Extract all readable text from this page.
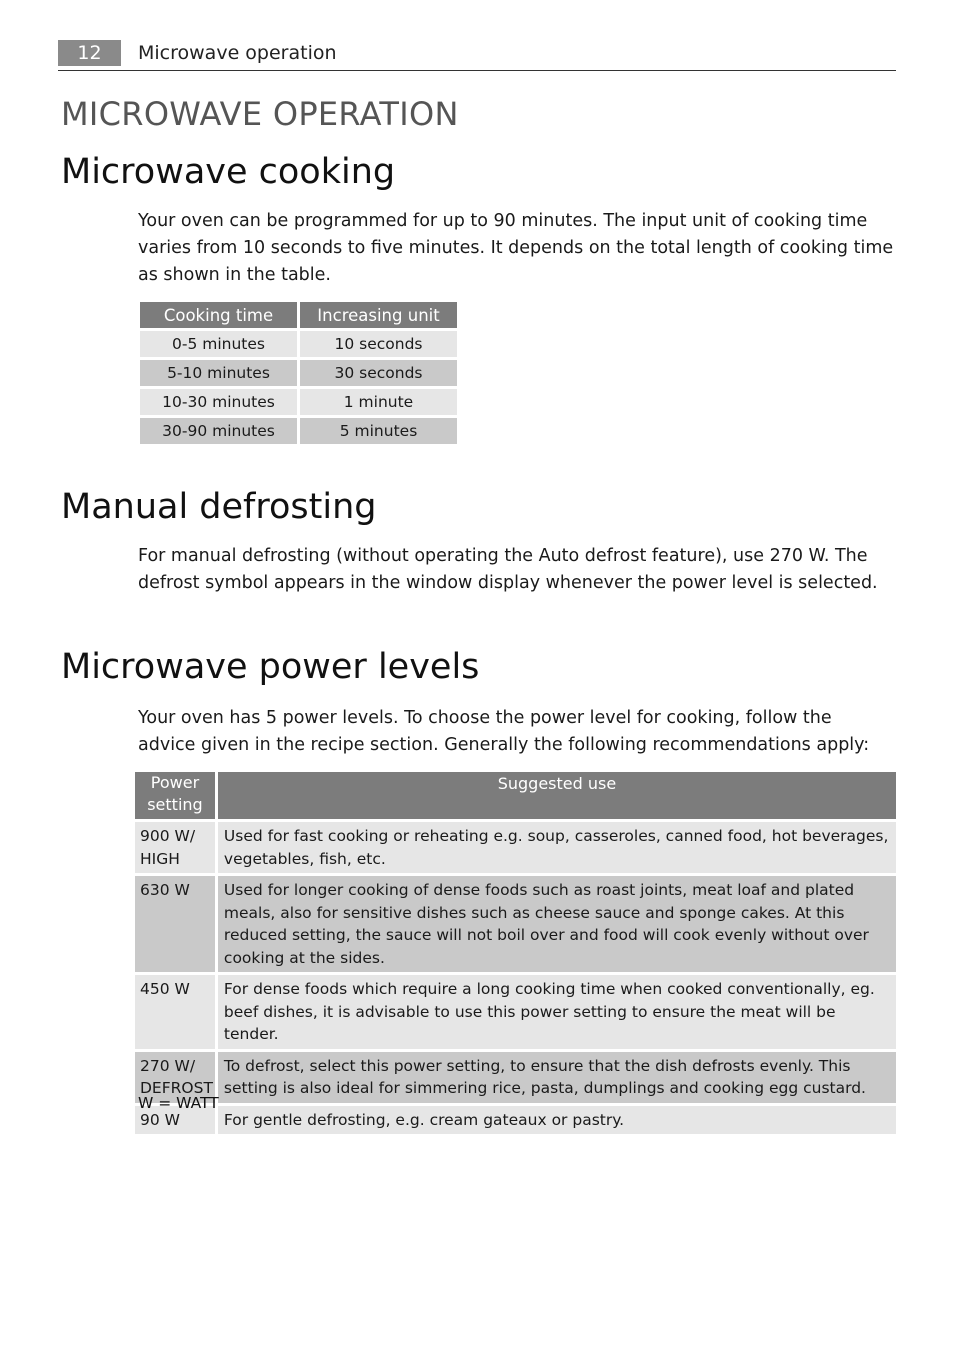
12	Microwave operation
MICROWAVE OPERATION
Microwave cooking

Your oven can be programmed for up to 90 minutes. The input unit of cooking time varies from 10 seconds to five minutes. It depends on the total length of cooking time as shown in the table.

Cooking time	Increasing unit
0-5 minutes	10 seconds
5-10 minutes	30 seconds
10-30 minutes	1 minute
30-90 minutes	5 minutes
Manual defrosting

For manual defrosting (without operating the Auto defrost feature), use 270 W. The defrost symbol appears in the window display whenever the power level is selected.

Microwave power levels

Your oven has 5 power levels. To choose the power level for cooking, follow the advice given in the recipe section. Generally the following recommendations apply:

Power setting	Suggested use
900 W/ HIGH	Used for fast cooking or reheating e.g. soup, casseroles, canned food, hot beverages, vegetables, fish, etc.
630 W	Used for longer cooking of dense foods such as roast joints, meat loaf and plated meals, also for sensitive dishes such as cheese sauce and sponge cakes. At this reduced setting, the sauce will not boil over and food will cook evenly without over cooking at the sides.
450 W	For dense foods which require a long cooking time when cooked conventionally, eg. beef dishes, it is advisable to use this power setting to ensure the meat will be tender.
270 W/ DEFROST	To defrost, select this power setting, to ensure that the dish defrosts evenly. This setting is also ideal for simmering rice, pasta, dumplings and cooking egg custard.
90 W	For gentle defrosting, e.g. cream gateaux or pastry.
W = WATT
